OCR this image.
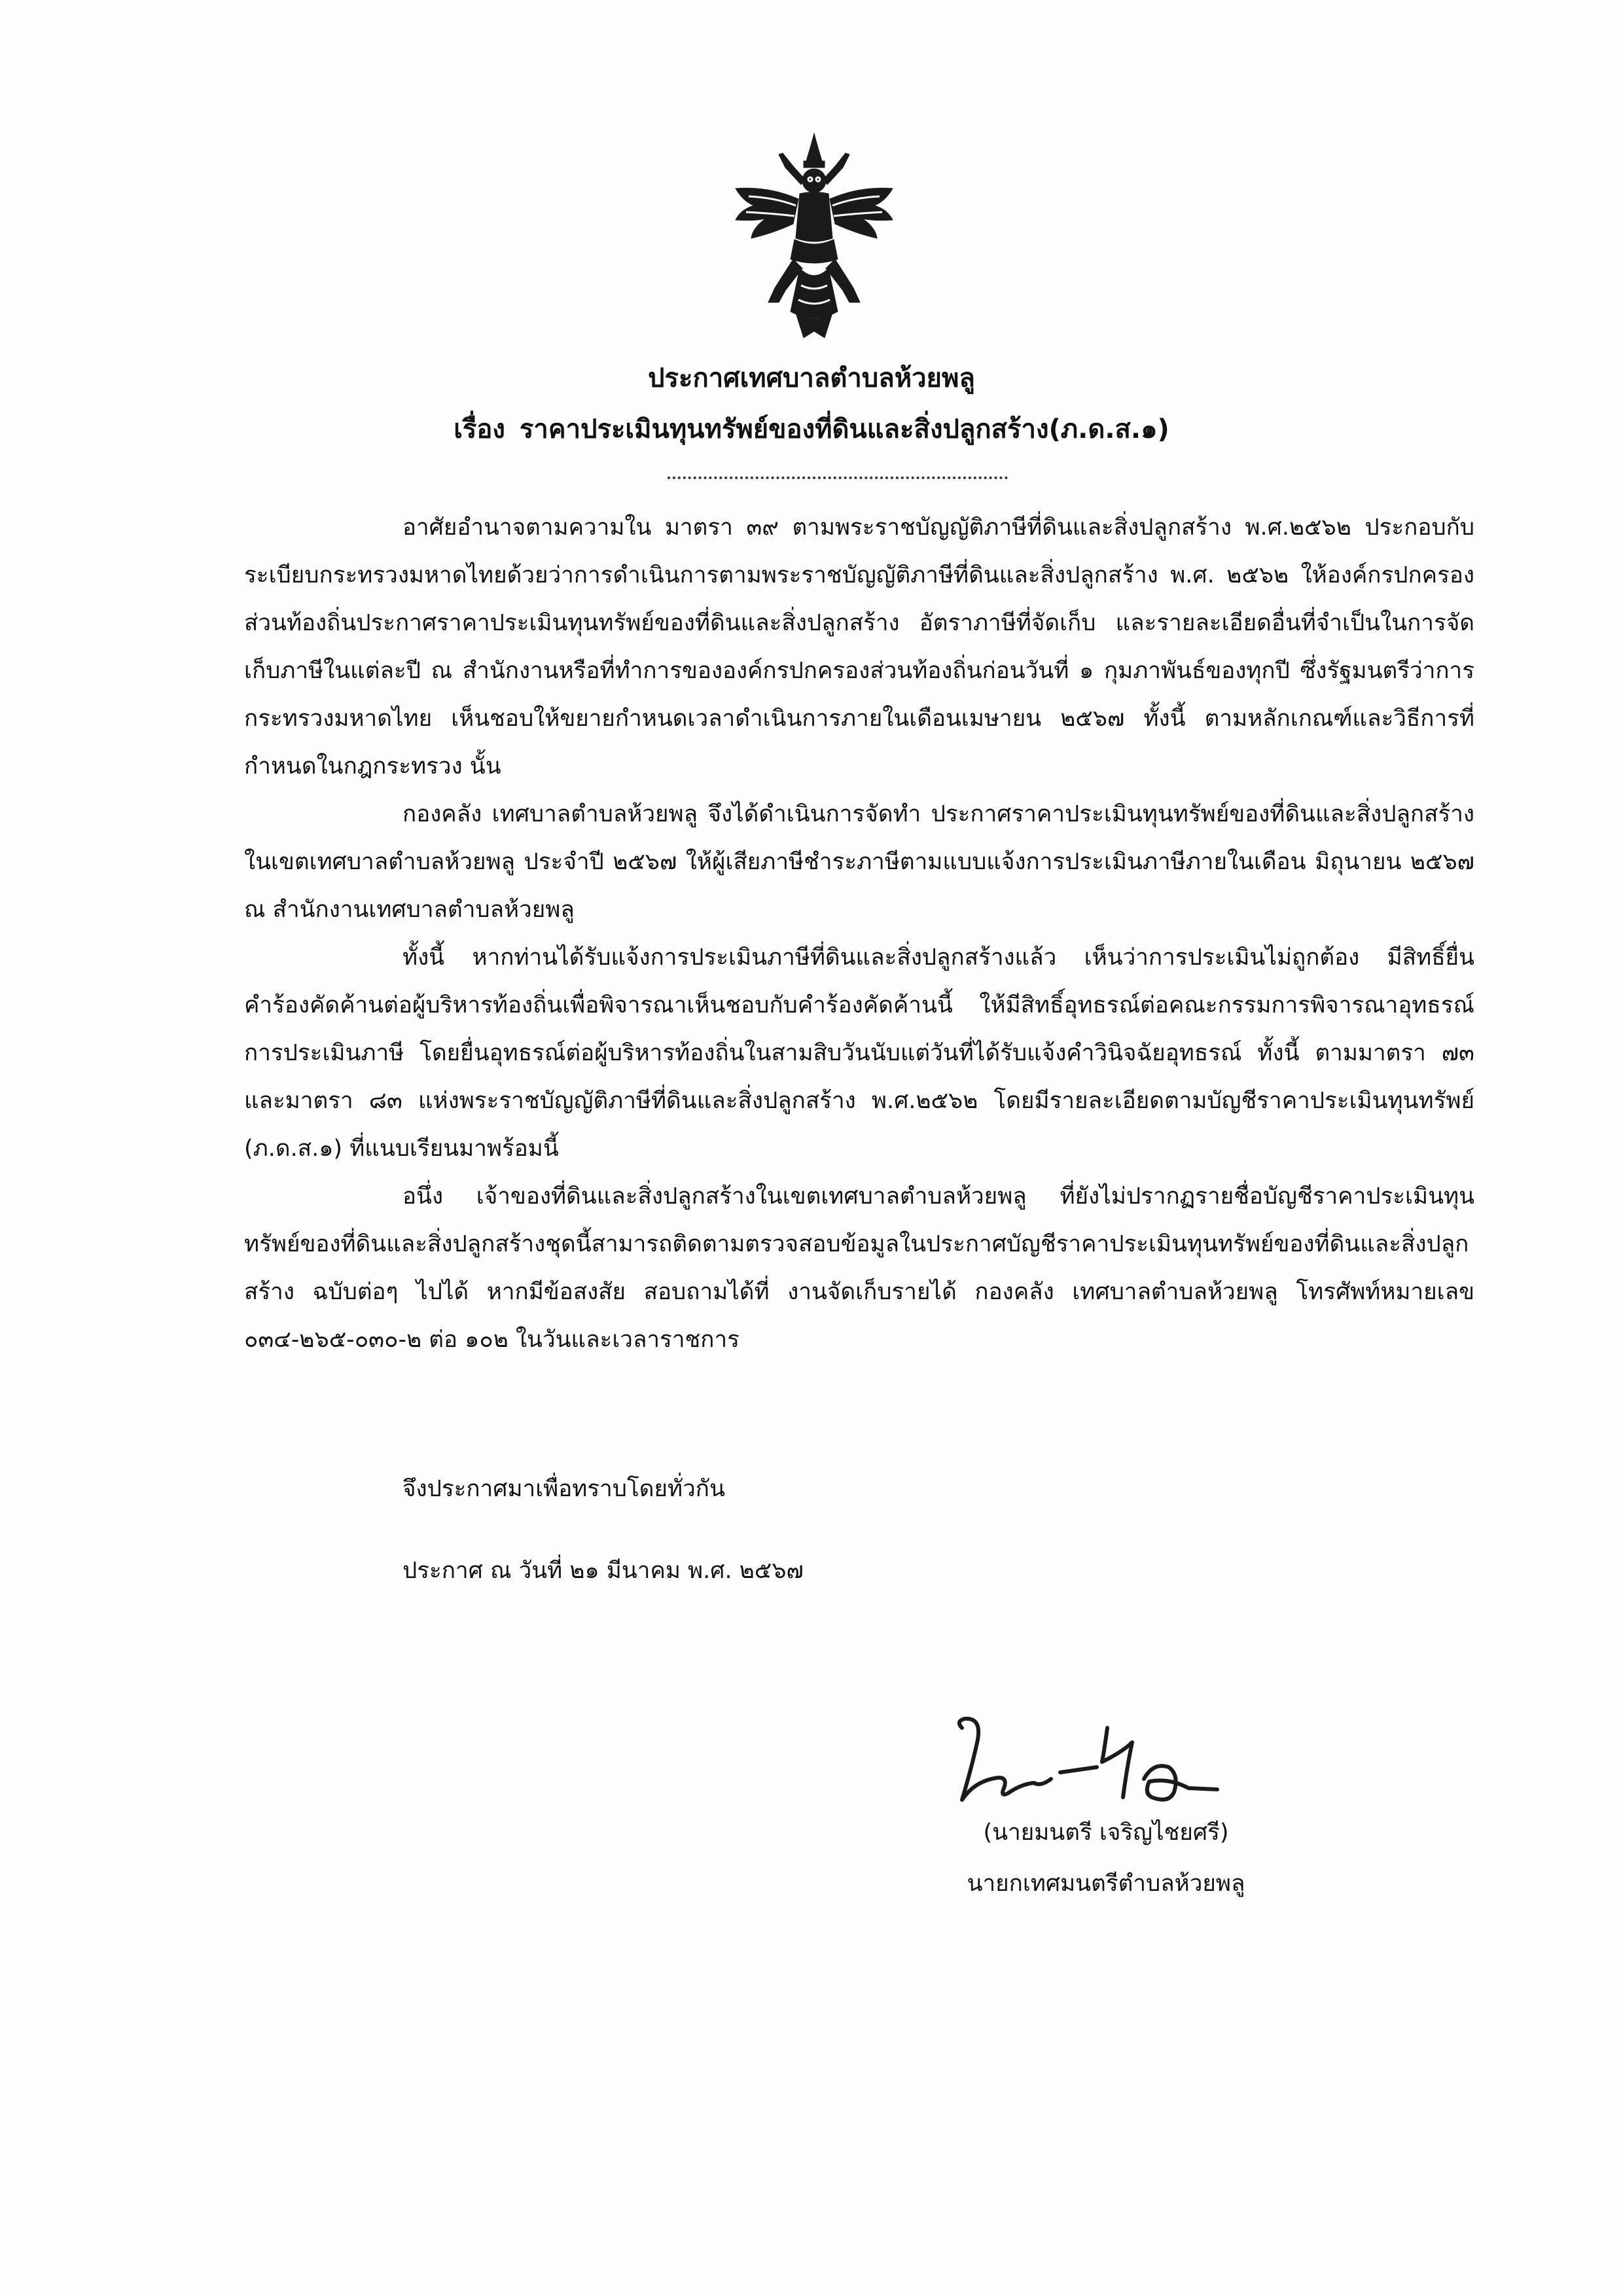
ประกาศเทศบาลตำบลห้วยพลู
เรื่อง ราคาประเมินทุนทรัพย์ของที่ดินและสิ่งปลูกสร้าง(ภ.ด.ส.๑)

อาศัยอำนาจตามความใน มาตรา ๓๙ ตามพระราชบัญญัติภาษีที่ดินและสิ่งปลูกสร้าง พ.ศ.๒๕๖๒ ประกอบกับระเบียบกระทรวงมหาดไทยด้วยว่าการดำเนินการตามพระราชบัญญัติภาษีที่ดินและสิ่งปลูกสร้าง พ.ศ. ๒๕๖๒ ให้องค์กรปกครองส่วนท้องถิ่นประกาศราคาประเมินทุนทรัพย์ของที่ดินและสิ่งปลูกสร้าง อัตราภาษีที่จัดเก็บ และรายละเอียดอื่นที่จำเป็นในการจัดเก็บภาษีในแต่ละปี ณ สำนักงานหรือที่ทำการขององค์กรปกครองส่วนท้องถิ่นก่อนวันที่ ๑ กุมภาพันธ์ของทุกปี ซึ่งรัฐมนตรีว่าการกระทรวงมหาดไทย เห็นชอบให้ขยายกำหนดเวลาดำเนินการภายในเดือนเมษายน ๒๕๖๗ ทั้งนี้ ตามหลักเกณฑ์และวิธีการที่กำหนดในกฎกระทรวง นั้น

กองคลัง เทศบาลตำบลห้วยพลู จึงได้ดำเนินการจัดทำ ประกาศราคาประเมินทุนทรัพย์ของที่ดินและสิ่งปลูกสร้าง ในเขตเทศบาลตำบลห้วยพลู ประจำปี ๒๕๖๗ ให้ผู้เสียภาษีชำระภาษีตามแบบแจ้งการประเมินภาษีภายในเดือน มิถุนายน ๒๕๖๗ ณ สำนักงานเทศบาลตำบลห้วยพลู

ทั้งนี้ หากท่านได้รับแจ้งการประเมินภาษีที่ดินและสิ่งปลูกสร้างแล้ว เห็นว่าการประเมินไม่ถูกต้อง มีสิทธิ์ยื่นคำร้องคัดค้านต่อผู้บริหารท้องถิ่นเพื่อพิจารณาเห็นชอบกับคำร้องคัดค้านนี้ ให้มีสิทธิ์อุทธรณ์ต่อคณะกรรมการพิจารณาอุทธรณ์การประเมินภาษี โดยยื่นอุทธรณ์ต่อผู้บริหารท้องถิ่นในสามสิบวันนับแต่วันที่ได้รับแจ้งคำวินิจฉัยอุทธรณ์ ทั้งนี้ ตามมาตรา ๗๓ และมาตรา ๘๓ แห่งพระราชบัญญัติภาษีที่ดินและสิ่งปลูกสร้าง พ.ศ.๒๕๖๒ โดยมีรายละเอียดตามบัญชีราคาประเมินทุนทรัพย์ (ภ.ด.ส.๑) ที่แนบเรียนมาพร้อมนี้

อนึ่ง เจ้าของที่ดินและสิ่งปลูกสร้างในเขตเทศบาลตำบลห้วยพลู ที่ยังไม่ปรากฏรายชื่อบัญชีราคาประเมินทุนทรัพย์ของที่ดินและสิ่งปลูกสร้างชุดนี้สามารถติดตามตรวจสอบข้อมูลในประกาศบัญชีราคาประเมินทุนทรัพย์ของที่ดินและสิ่งปลูกสร้าง ฉบับต่อๆ ไปได้ หากมีข้อสงสัย สอบถามได้ที่ งานจัดเก็บรายได้ กองคลัง เทศบาลตำบลห้วยพลู โทรศัพท์หมายเลข ๐๓๔-๒๖๕-๐๓๐-๒ ต่อ ๑๐๒ ในวันและเวลาราชการ

จึงประกาศมาเพื่อทราบโดยทั่วกัน
ประกาศ ณ วันที่ ๒๑ มีนาคม พ.ศ. ๒๕๖๗
(นายมนตรี เจริญไชยศรี)
นายกเทศมนตรีตำบลห้วยพลู
